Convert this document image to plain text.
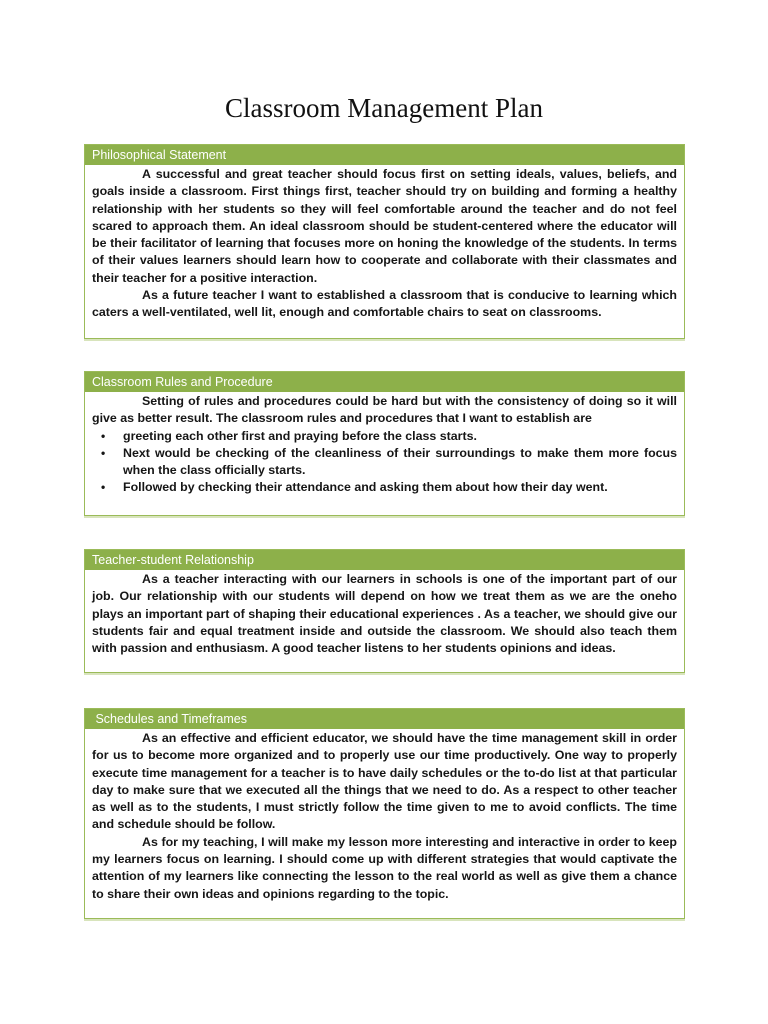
Classroom Management Plan
Philosophical Statement

A successful and great teacher should focus first on setting ideals, values, beliefs, and goals inside a classroom. First things first, teacher should try on building and forming a healthy relationship with her students so they will feel comfortable around the teacher and do not feel scared to approach them. An ideal classroom should be student-centered where the educator will be their facilitator of learning that focuses more on honing the knowledge of the students. In terms of their values learners should learn how to cooperate and collaborate with their classmates and their teacher for a positive interaction.

As a future teacher I want to established a classroom that is conducive to learning which caters a well-ventilated, well lit, enough and comfortable chairs to seat on classrooms.

Classroom Rules and Procedure

Setting of rules and procedures could be hard but with the consistency of doing so it will give as better result. The classroom rules and procedures that I want to establish are

• greeting each other first and praying before the class starts.
• Next would be checking of the cleanliness of their surroundings to make them more focus when the class officially starts.
• Followed by checking their attendance and asking them about how their day went.
Teacher-student Relationship

As a teacher interacting with our learners in schools is one of the important part of our job. Our relationship with our students will depend on how we treat them as we are the oneho plays an important part of shaping their educational experiences . As a teacher, we should give our students fair and equal treatment inside and outside the classroom. We should also teach them with passion and enthusiasm. A good teacher listens to her students opinions and ideas.

Schedules and Timeframes

As an effective and efficient educator, we should have the time management skill in order for us to become more organized and to properly use our time productively. One way to properly execute time management for a teacher is to have daily schedules or the to-do list at that particular day to make sure that we executed all the things that we need to do. As a respect to other teacher as well as to the students, I must strictly follow the time given to me to avoid conflicts. The time and schedule should be follow.

As for my teaching, I will make my lesson more interesting and interactive in order to keep my learners focus on learning. I should come up with different strategies that would captivate the attention of my learners like connecting the lesson to the real world as well as give them a chance to share their own ideas and opinions regarding to the topic.
